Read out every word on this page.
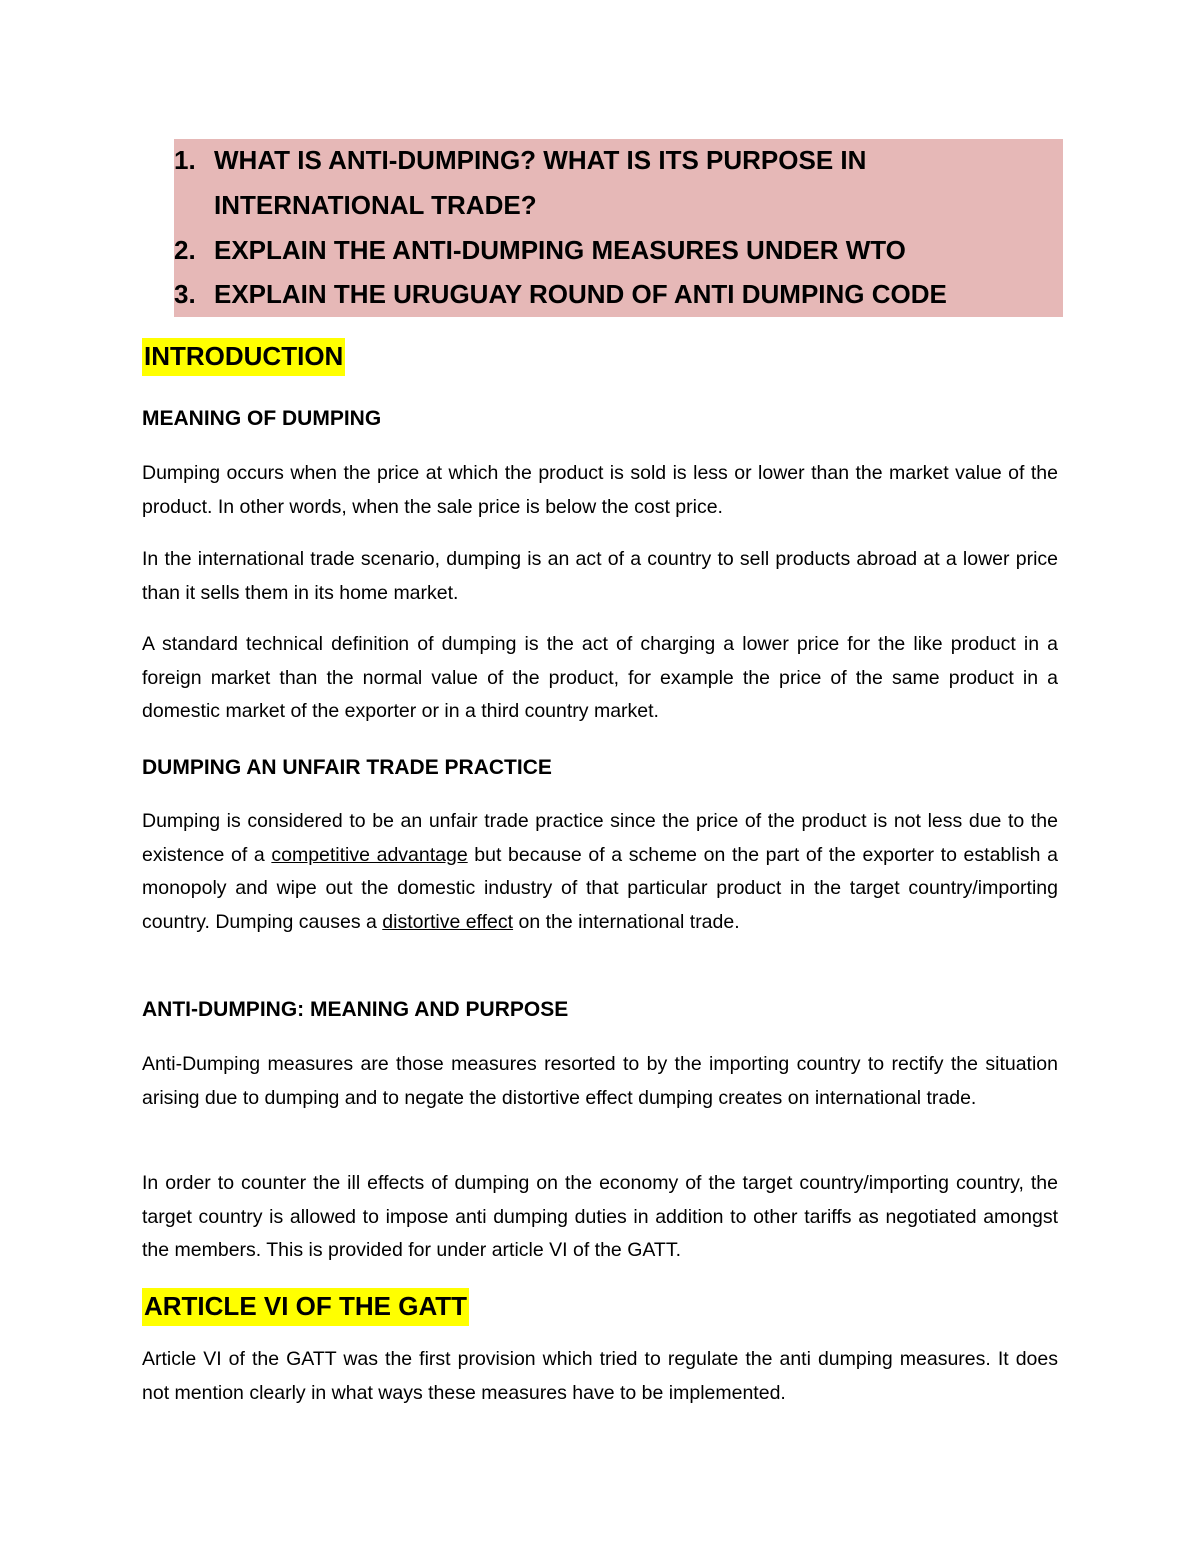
1. WHAT IS ANTI-DUMPING? WHAT IS ITS PURPOSE IN
INTERNATIONAL TRADE?
2. EXPLAIN THE ANTI-DUMPING MEASURES UNDER WTO
3. EXPLAIN THE URUGUAY ROUND OF ANTI DUMPING CODE
INTRODUCTION
MEANING OF DUMPING
Dumping occurs when the price at which the product is sold is less or lower than the market value of the product. In other words, when the sale price is below the cost price.
In the international trade scenario, dumping is an act of a country to sell products abroad at a lower price than it sells them in its home market.
A standard technical definition of dumping is the act of charging a lower price for the like product in a foreign market than the normal value of the product, for example the price of the same product in a domestic market of the exporter or in a third country market.
DUMPING AN UNFAIR TRADE PRACTICE
Dumping is considered to be an unfair trade practice since the price of the product is not less due to the existence of a competitive advantage but because of a scheme on the part of the exporter to establish a monopoly and wipe out the domestic industry of that particular product in the target country/importing country. Dumping causes a distortive effect on the international trade.
ANTI-DUMPING: MEANING AND PURPOSE
Anti-Dumping measures are those measures resorted to by the importing country to rectify the situation arising due to dumping and to negate the distortive effect dumping creates on international trade.
In order to counter the ill effects of dumping on the economy of the target country/importing country, the target country is allowed to impose anti dumping duties in addition to other tariffs as negotiated amongst the members. This is provided for under article VI of the GATT.
ARTICLE VI OF THE GATT
Article VI of the GATT was the first provision which tried to regulate the anti dumping measures. It does not mention clearly in what ways these measures have to be implemented.
